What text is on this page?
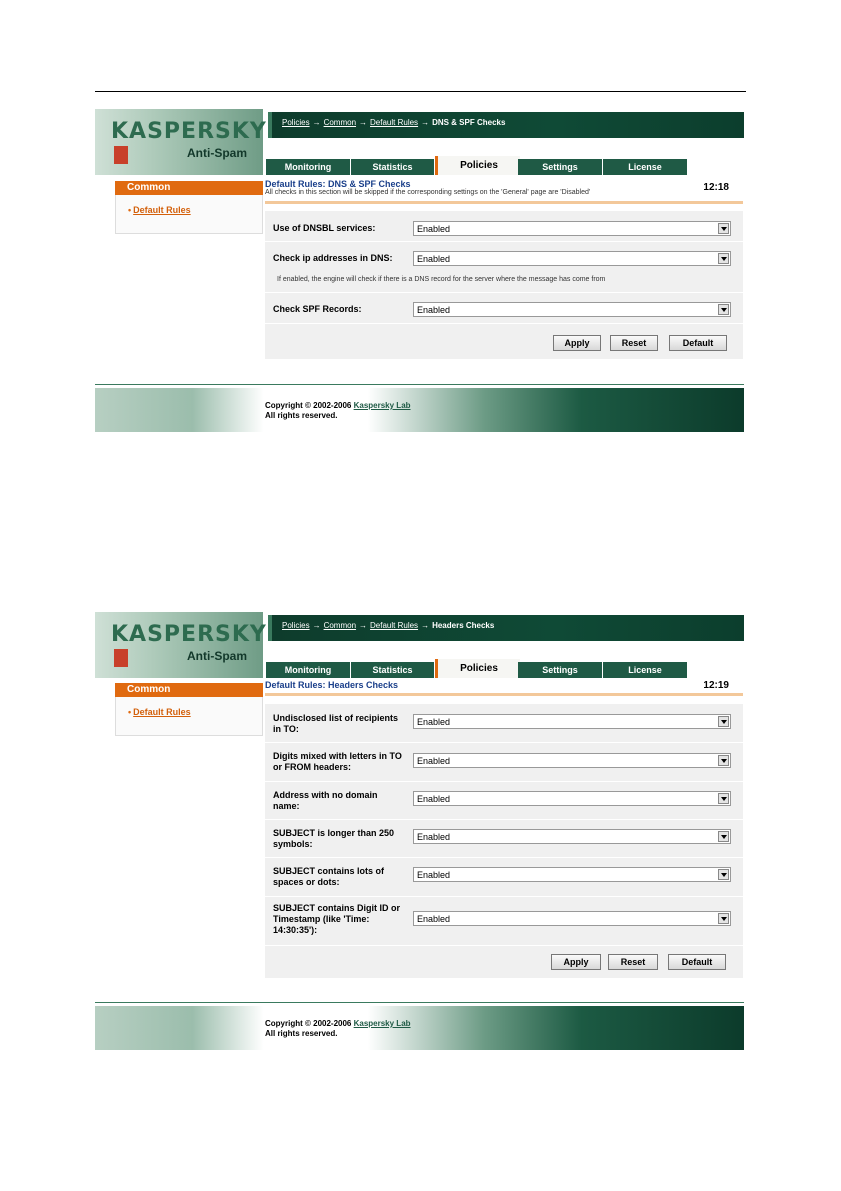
KASPERSKY
Anti-Spam
Policies → Common → Default Rules → DNS & SPF Checks
Monitoring	Statistics	Policies	Settings	License
Common
• Default Rules
Default Rules: DNS & SPF Checks
All checks in this section will be skipped if the corresponding settings on the 'General' page are 'Disabled'	12:18
Use of DNSBL services:	Enabled
Check ip addresses in DNS:	Enabled
If enabled, the engine will check if there is a DNS record for the server where the message has come from
Check SPF Records:	Enabled
Apply	Reset	Default
Copyright © 2002-2006 Kaspersky Lab
All rights reserved.
KASPERSKY
Anti-Spam
Policies → Common → Default Rules → Headers Checks
Monitoring	Statistics	Policies	Settings	License
Common
• Default Rules
Default Rules: Headers Checks	12:19
Undisclosed list of recipients in TO:
Enabled
Digits mixed with letters in TO or FROM headers:
Enabled
Address with no domain name:
Enabled
SUBJECT is longer than 250 symbols:
Enabled
SUBJECT contains lots of spaces or dots:
Enabled
SUBJECT contains Digit ID or Timestamp (like 'Time: 14:30:35'):
Enabled
Apply	Reset	Default
Copyright © 2002-2006 Kaspersky Lab
All rights reserved.
